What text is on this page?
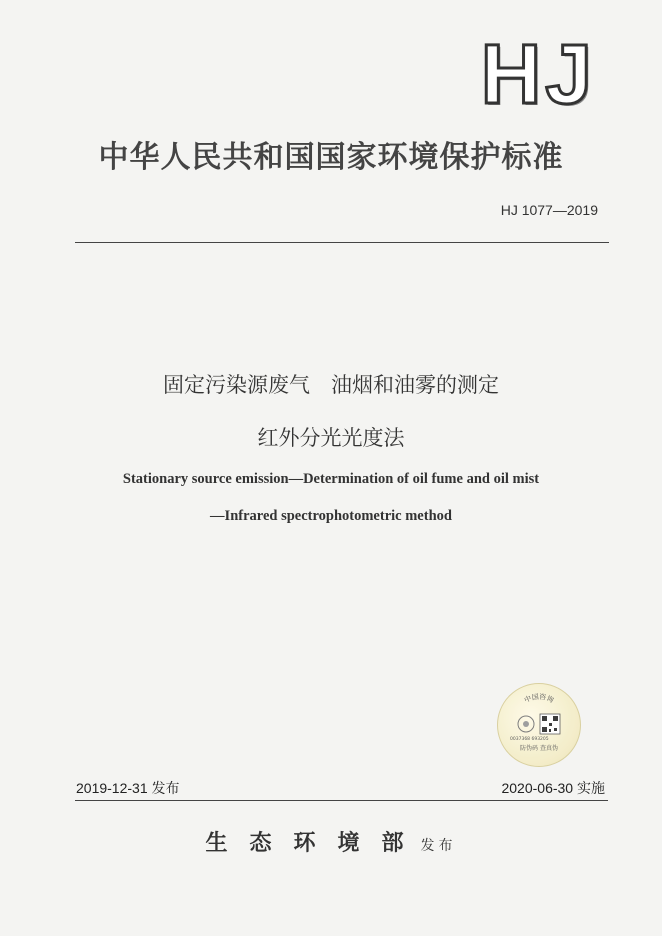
HJ
中华人民共和国国家环境保护标准
HJ 1077—2019
固定污染源废气　油烟和油雾的测定
红外分光光度法
Stationary source emission—Determination of oil fume and oil mist
—Infrared spectrophotometric method
中国咨询
0037368 693205
防伪码 查真伪
2019-12-31 发布	2020-06-30 实施
生态环境部 发布
